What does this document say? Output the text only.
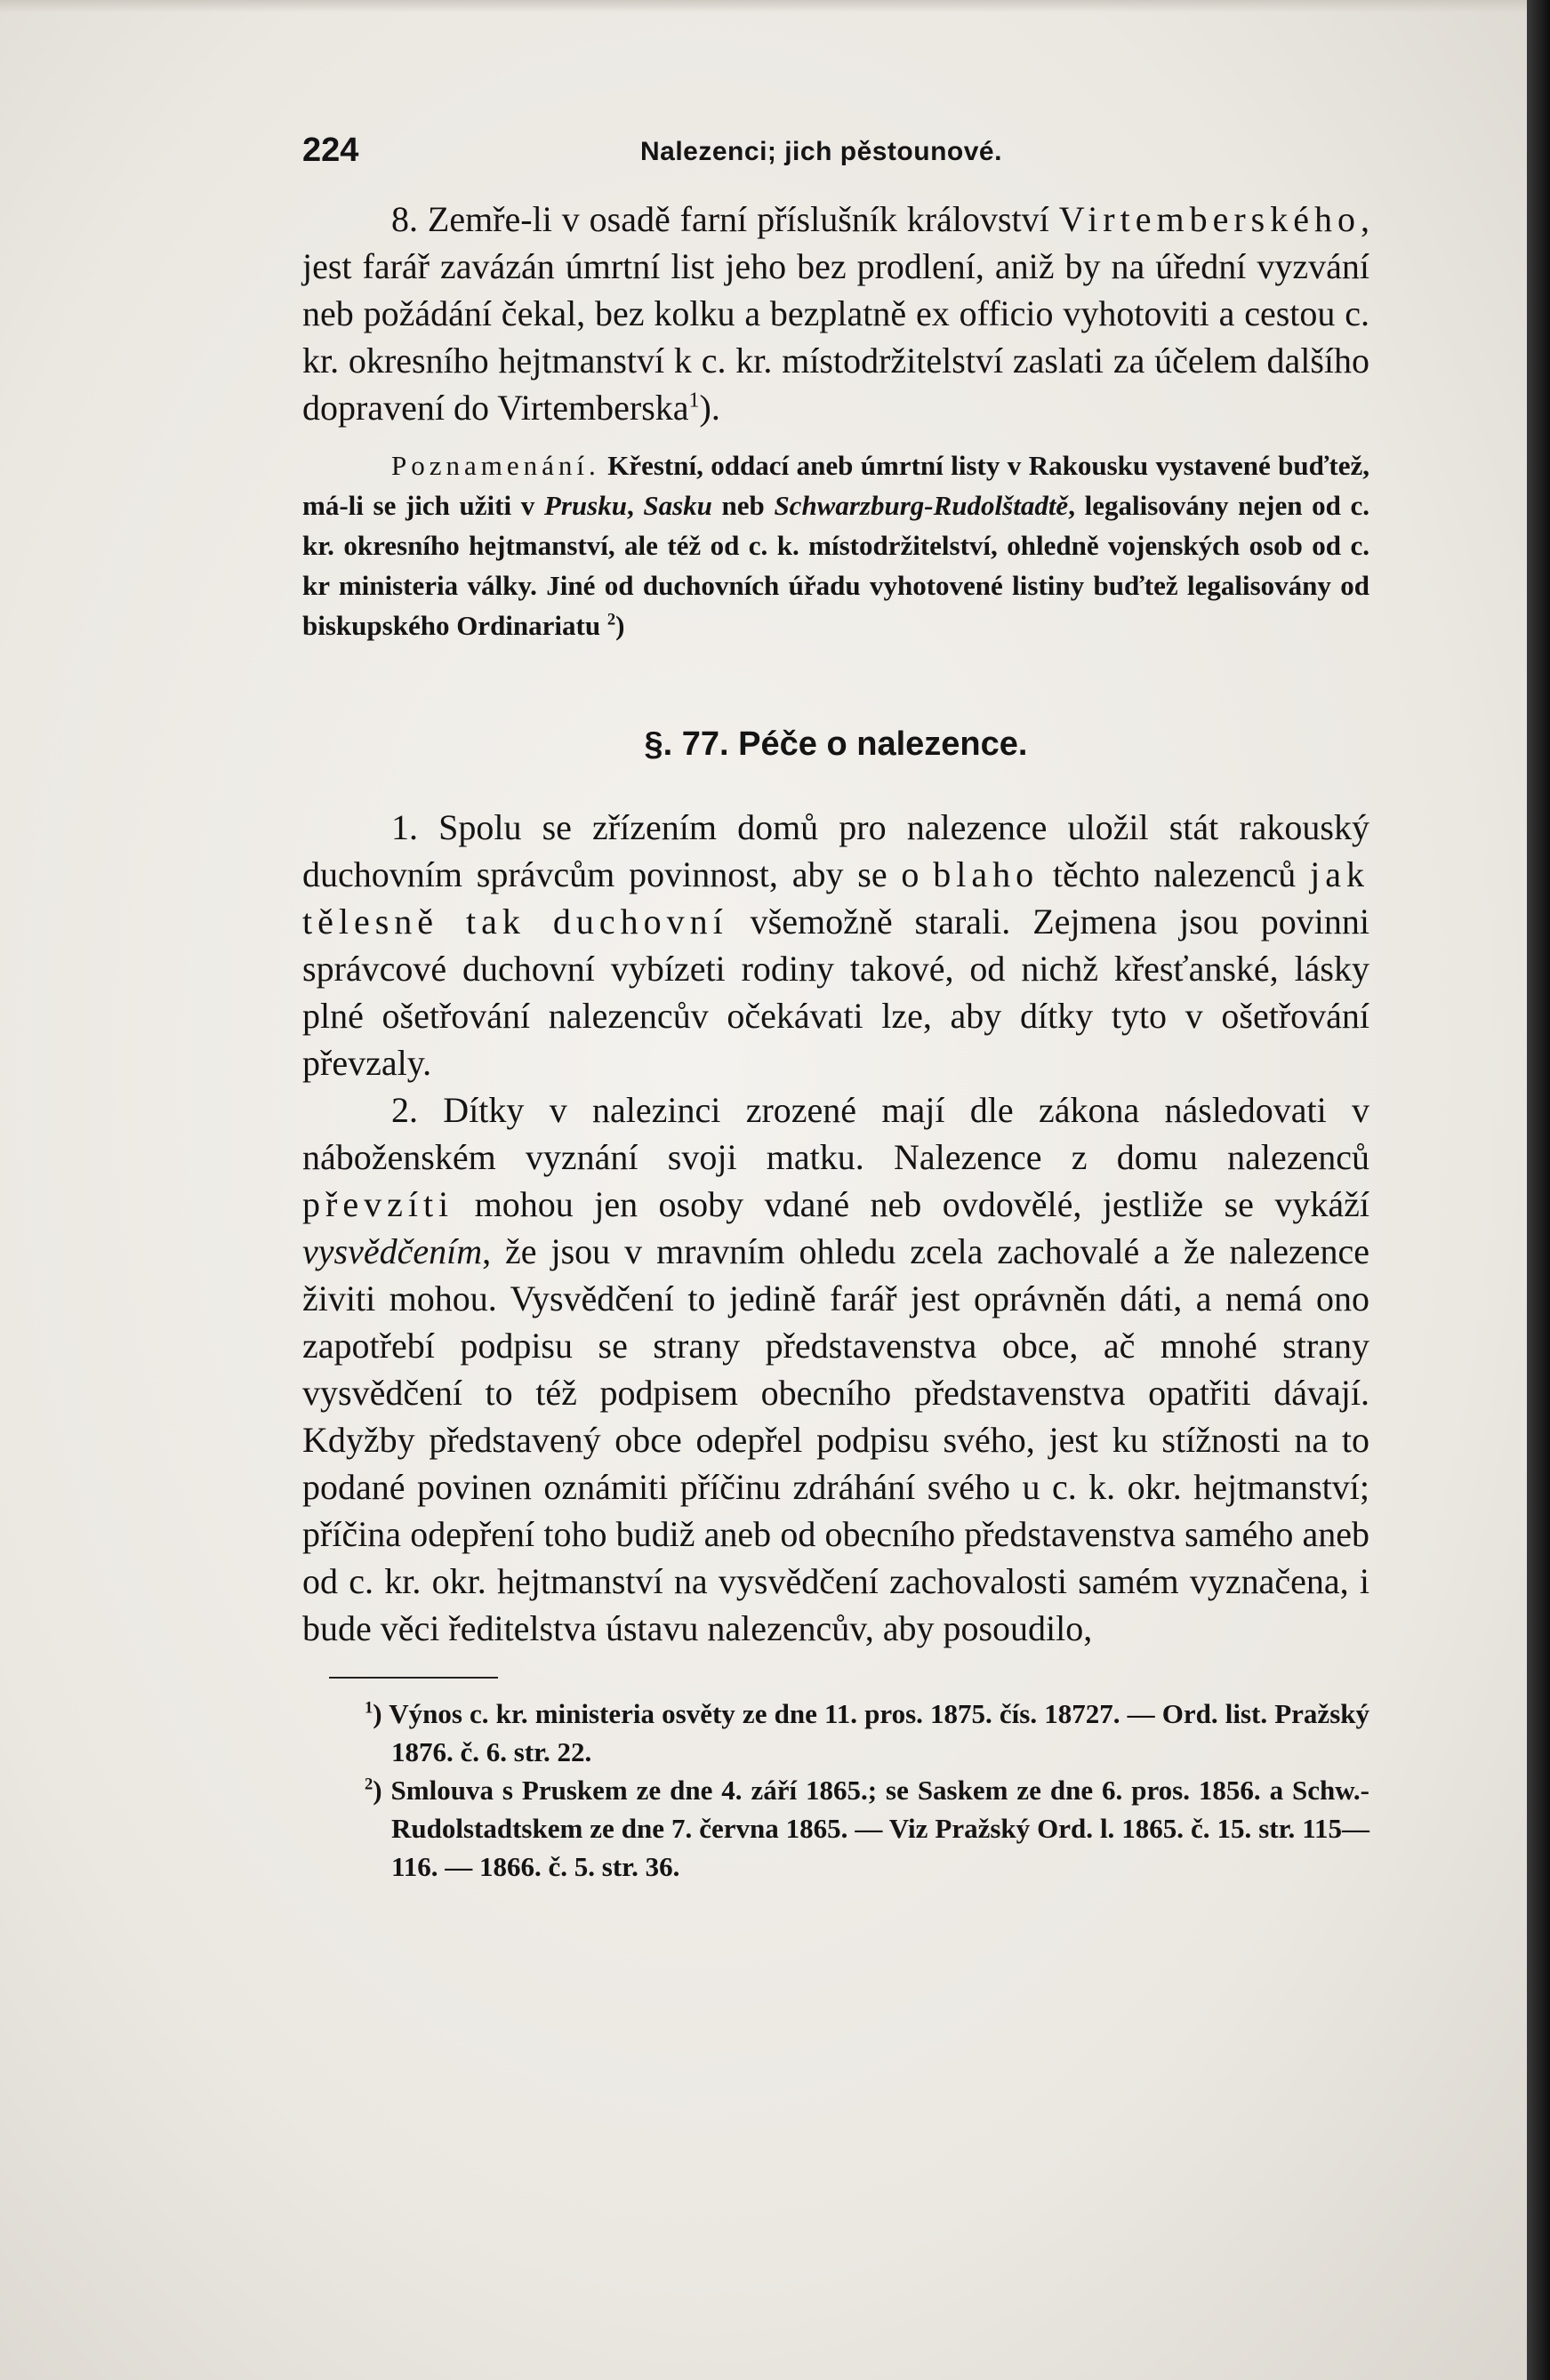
224	Nalezenci; jich pěstounové.

8. Zemře-li v osadě farní příslušník království Virtemberského, jest farář zavázán úmrtní list jeho bez prodlení, aniž by na úřední vyzvání neb požádání čekal, bez kolku a bezplatně ex officio vyhotoviti a cestou c. kr. okresního hejtmanství k c. kr. místodržitelství zaslati za účelem dalšího dopravení do Virtemberska$^1$).

Poznamenání. Křestní, oddací aneb úmrtní listy v Rakousku vystavené buďtež, má-li se jich užiti v Prusku, Sasku neb Schwarzburg-Rudolštadtě, legalisovány nejen od c. kr. okresního hejtmanství, ale též od c. k. místodržitelství, ohledně vojenských osob od c. kr ministeria války. Jiné od duchovních úřadu vyhotovené listiny buďtež legalisovány od biskupského Ordinariatu $^2$)

§. 77. Péče o nalezence.

1. Spolu se zřízením domů pro nalezence uložil stát rakouský duchovním správcům povinnost, aby se o blaho těchto nalezenců jak tělesně tak duchovní všemožně starali. Zejmena jsou povinni správcové duchovní vybízeti rodiny takové, od nichž křesťanské, lásky plné ošetřování nalezencův očekávati lze, aby dítky tyto v ošetřování převzaly.

2. Dítky v nalezinci zrozené mají dle zákona následovati v náboženském vyznání svoji matku. Nalezence z domu nalezenců převzíti mohou jen osoby vdané neb ovdovělé, jestliže se vykáží vysvědčením, že jsou v mravním ohledu zcela zachovalé a že nalezence živiti mohou. Vysvědčení to jedině farář jest oprávněn dáti, a nemá ono zapotřebí podpisu se strany představenstva obce, ač mnohé strany vysvědčení to též podpisem obecního představenstva opatřiti dávají. Kdyžby představený obce odepřel podpisu svého, jest ku stížnosti na to podané povinen oznámiti příčinu zdráhání svého u c. k. okr. hejtmanství; příčina odepření toho budiž aneb od obecního představenstva samého aneb od c. kr. okr. hejtmanství na vysvědčení zachovalosti samém vyznačena, i bude věci ředitelstva ústavu nalezencův, aby posoudilo,

$^1$) Výnos c. kr. ministeria osvěty ze dne 11. pros. 1875. čís. 18727. — Ord. list. Pražský 1876. č. 6. str. 22.

$^2$) Smlouva s Pruskem ze dne 4. září 1865.; se Saskem ze dne 6. pros. 1856. a Schw.-Rudolstadtskem ze dne 7. června 1865. — Viz Pražský Ord. l. 1865. č. 15. str. 115—116. — 1866. č. 5. str. 36.
